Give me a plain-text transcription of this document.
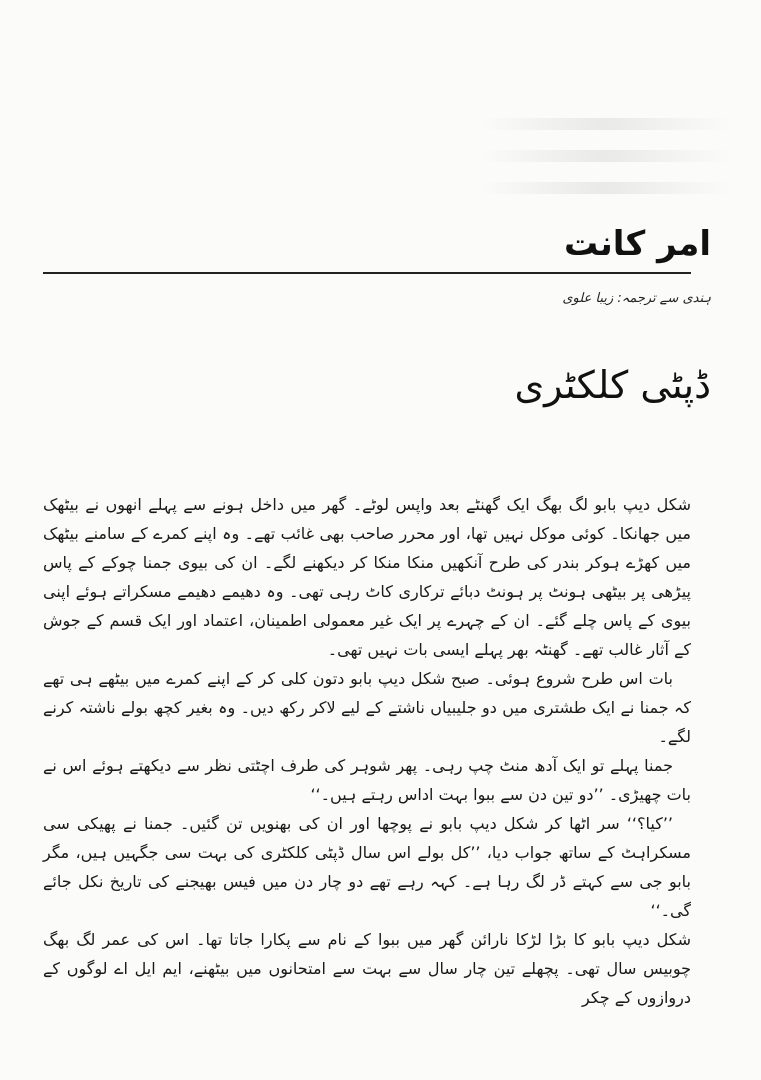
امر کانت
ہندی سے ترجمہ: زیبا علوی
ڈپٹی کلکٹری

شکل دیپ بابو لگ بھگ ایک گھنٹے بعد واپس لوٹے۔ گھر میں داخل ہونے سے پہلے انھوں نے بیٹھک میں جھانکا۔ کوئی موکل نہیں تھا، اور محرر صاحب بھی غائب تھے۔ وہ اپنے کمرے کے سامنے بیٹھک میں کھڑے ہوکر بندر کی طرح آنکھیں منکا منکا کر دیکھنے لگے۔ ان کی بیوی جمنا چوکے کے پاس پیڑھی پر بیٹھی ہونٹ پر ہونٹ دبائے ترکاری کاٹ رہی تھی۔ وہ دھیمے دھیمے مسکراتے ہوئے اپنی بیوی کے پاس چلے گئے۔ ان کے چہرے پر ایک غیر معمولی اطمینان، اعتماد اور ایک قسم کے جوش کے آثار غالب تھے۔ گھنٹہ بھر پہلے ایسی بات نہیں تھی۔

بات اس طرح شروع ہوئی۔ صبح شکل دیپ بابو دتون کلی کر کے اپنے کمرے میں بیٹھے ہی تھے کہ جمنا نے ایک طشتری میں دو جلیبیاں ناشتے کے لیے لاکر رکھ دیں۔ وہ بغیر کچھ بولے ناشتہ کرنے لگے۔

جمنا پہلے تو ایک آدھ منٹ چپ رہی۔ پھر شوہر کی طرف اچٹتی نظر سے دیکھتے ہوئے اس نے بات چھیڑی۔ ’’دو تین دن سے ببوا بہت اداس رہتے ہیں۔‘‘

’’کیا؟‘‘ سر اٹھا کر شکل دیپ بابو نے پوچھا اور ان کی بھنویں تن گئیں۔ جمنا نے پھیکی سی مسکراہٹ کے ساتھ جواب دیا، ’’کل بولے اس سال ڈپٹی کلکٹری کی بہت سی جگہیں ہیں، مگر بابو جی سے کہتے ڈر لگ رہا ہے۔ کہہ رہے تھے دو چار دن میں فیس بھیجنے کی تاریخ نکل جائے گی۔‘‘

شکل دیپ بابو کا بڑا لڑکا نارائن گھر میں ببوا کے نام سے پکارا جاتا تھا۔ اس کی عمر لگ بھگ چوبیس سال تھی۔ پچھلے تین چار سال سے بہت سے امتحانوں میں بیٹھنے، ایم ایل اے لوگوں کے دروازوں کے چکر
